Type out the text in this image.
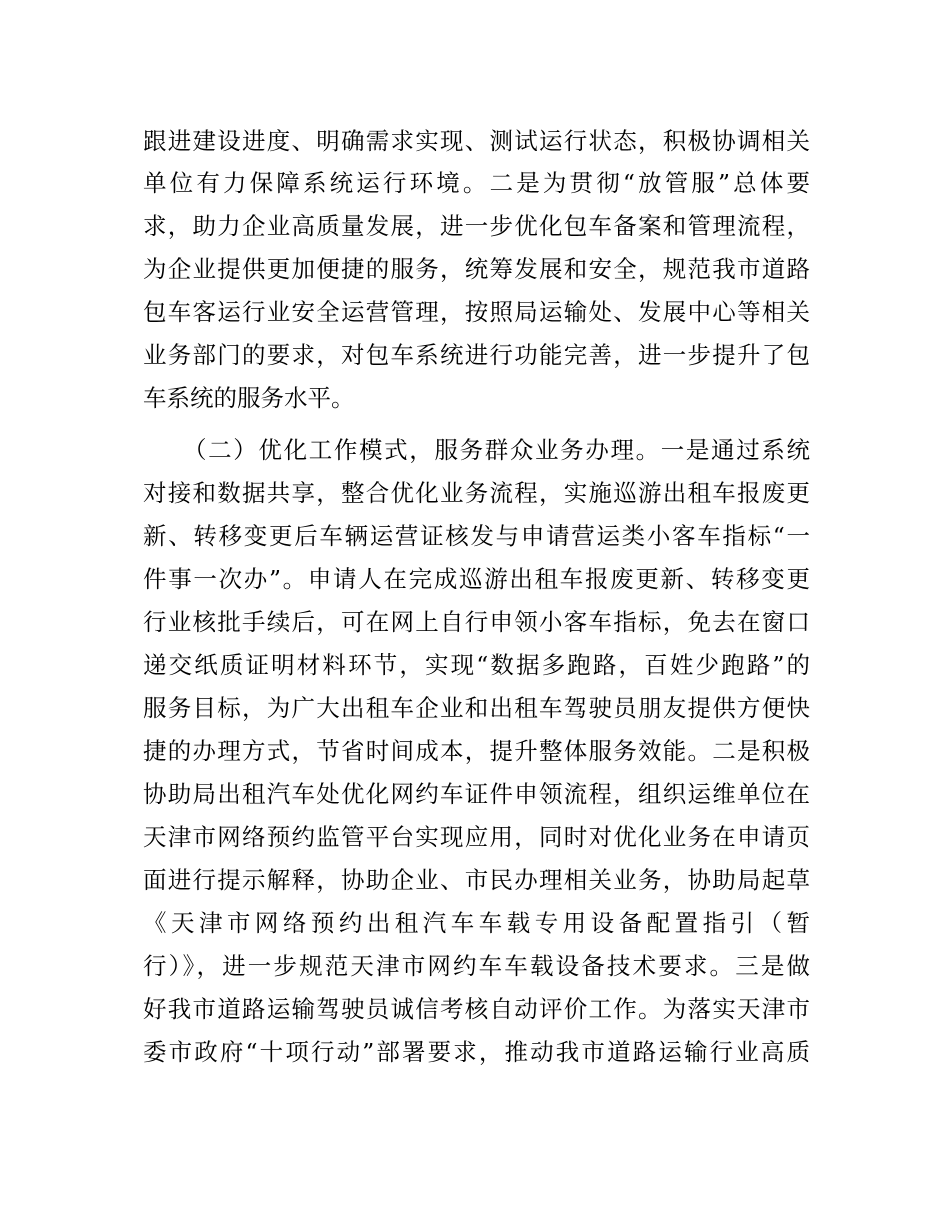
跟进建设进度、明确需求实现、测试运行状态，积极协调相关
单位有力保障系统运行环境。二是为贯彻“放管服”总体要
求，助力企业高质量发展，进一步优化包车备案和管理流程，
为企业提供更加便捷的服务，统筹发展和安全，规范我市道路
包车客运行业安全运营管理，按照局运输处、发展中心等相关
业务部门的要求，对包车系统进行功能完善，进一步提升了包
车系统的服务水平。
（二）优化工作模式，服务群众业务办理。一是通过系统
对接和数据共享，整合优化业务流程，实施巡游出租车报废更
新、转移变更后车辆运营证核发与申请营运类小客车指标“一
件事一次办”。申请人在完成巡游出租车报废更新、转移变更
行业核批手续后，可在网上自行申领小客车指标，免去在窗口
递交纸质证明材料环节，实现“数据多跑路，百姓少跑路”的
服务目标，为广大出租车企业和出租车驾驶员朋友提供方便快
捷的办理方式，节省时间成本，提升整体服务效能。二是积极
协助局出租汽车处优化网约车证件申领流程，组织运维单位在
天津市网络预约监管平台实现应用，同时对优化业务在申请页
面进行提示解释，协助企业、市民办理相关业务，协助局起草
《天津市网络预约出租汽车车载专用设备配置指引（暂
行）》，进一步规范天津市网约车车载设备技术要求。三是做
好我市道路运输驾驶员诚信考核自动评价工作。为落实天津市
委市政府“十项行动”部署要求，推动我市道路运输行业高质
